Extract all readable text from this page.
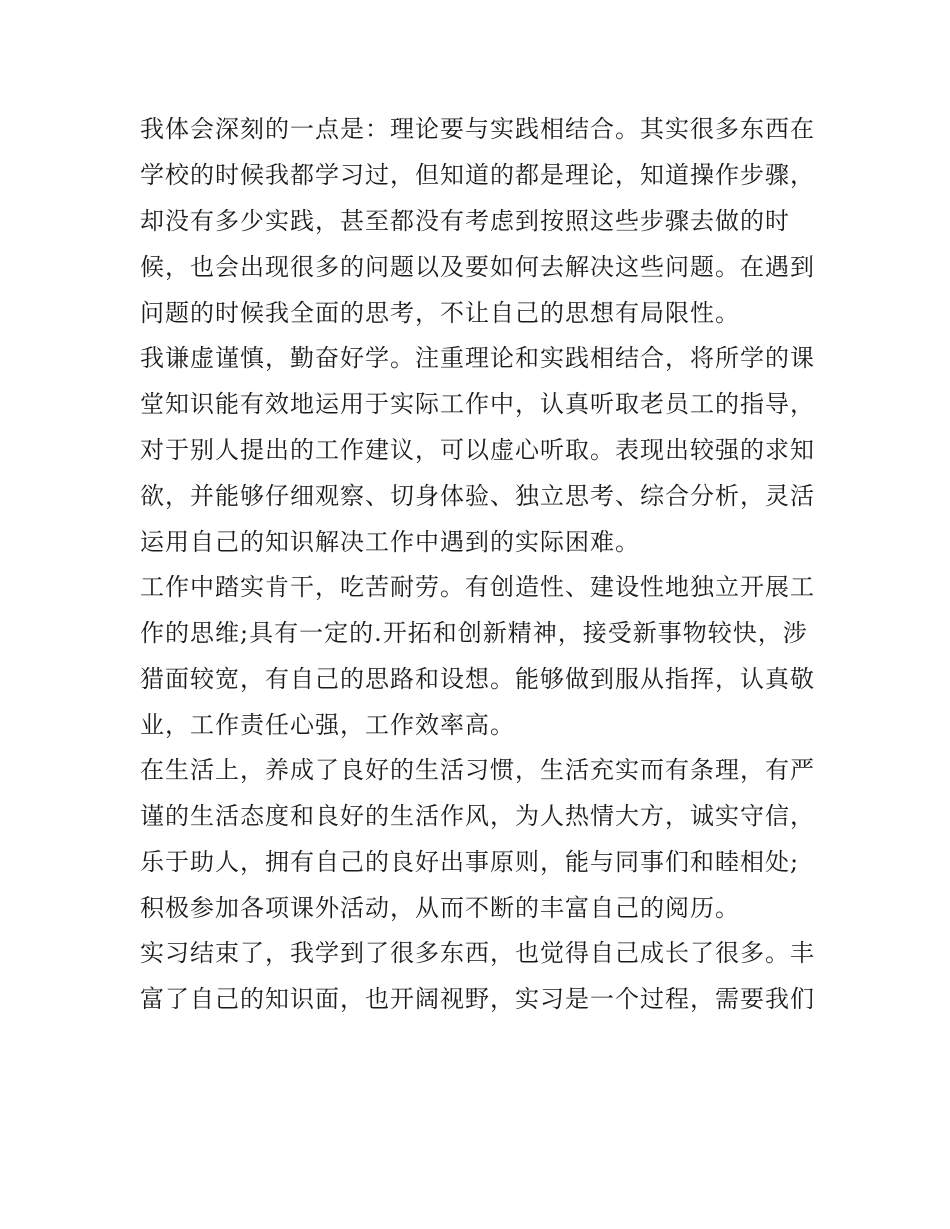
我体会深刻的一点是：理论要与实践相结合。其实很多东西在
学校的时候我都学习过，但知道的都是理论，知道操作步骤，
却没有多少实践，甚至都没有考虑到按照这些步骤去做的时
候，也会出现很多的问题以及要如何去解决这些问题。在遇到
问题的时候我全面的思考，不让自己的思想有局限性。

我谦虚谨慎，勤奋好学。注重理论和实践相结合，将所学的课
堂知识能有效地运用于实际工作中，认真听取老员工的指导，
对于别人提出的工作建议，可以虚心听取。表现出较强的求知
欲，并能够仔细观察、切身体验、独立思考、综合分析，灵活
运用自己的知识解决工作中遇到的实际困难。

工作中踏实肯干，吃苦耐劳。有创造性、建设性地独立开展工
作的思维;具有一定的.开拓和创新精神，接受新事物较快，涉
猎面较宽，有自己的思路和设想。能够做到服从指挥，认真敬
业，工作责任心强，工作效率高。

在生活上，养成了良好的生活习惯，生活充实而有条理，有严
谨的生活态度和良好的生活作风，为人热情大方，诚实守信，
乐于助人，拥有自己的良好出事原则，能与同事们和睦相处;
积极参加各项课外活动，从而不断的丰富自己的阅历。

实习结束了，我学到了很多东西，也觉得自己成长了很多。丰
富了自己的知识面，也开阔视野，实习是一个过程，需要我们
